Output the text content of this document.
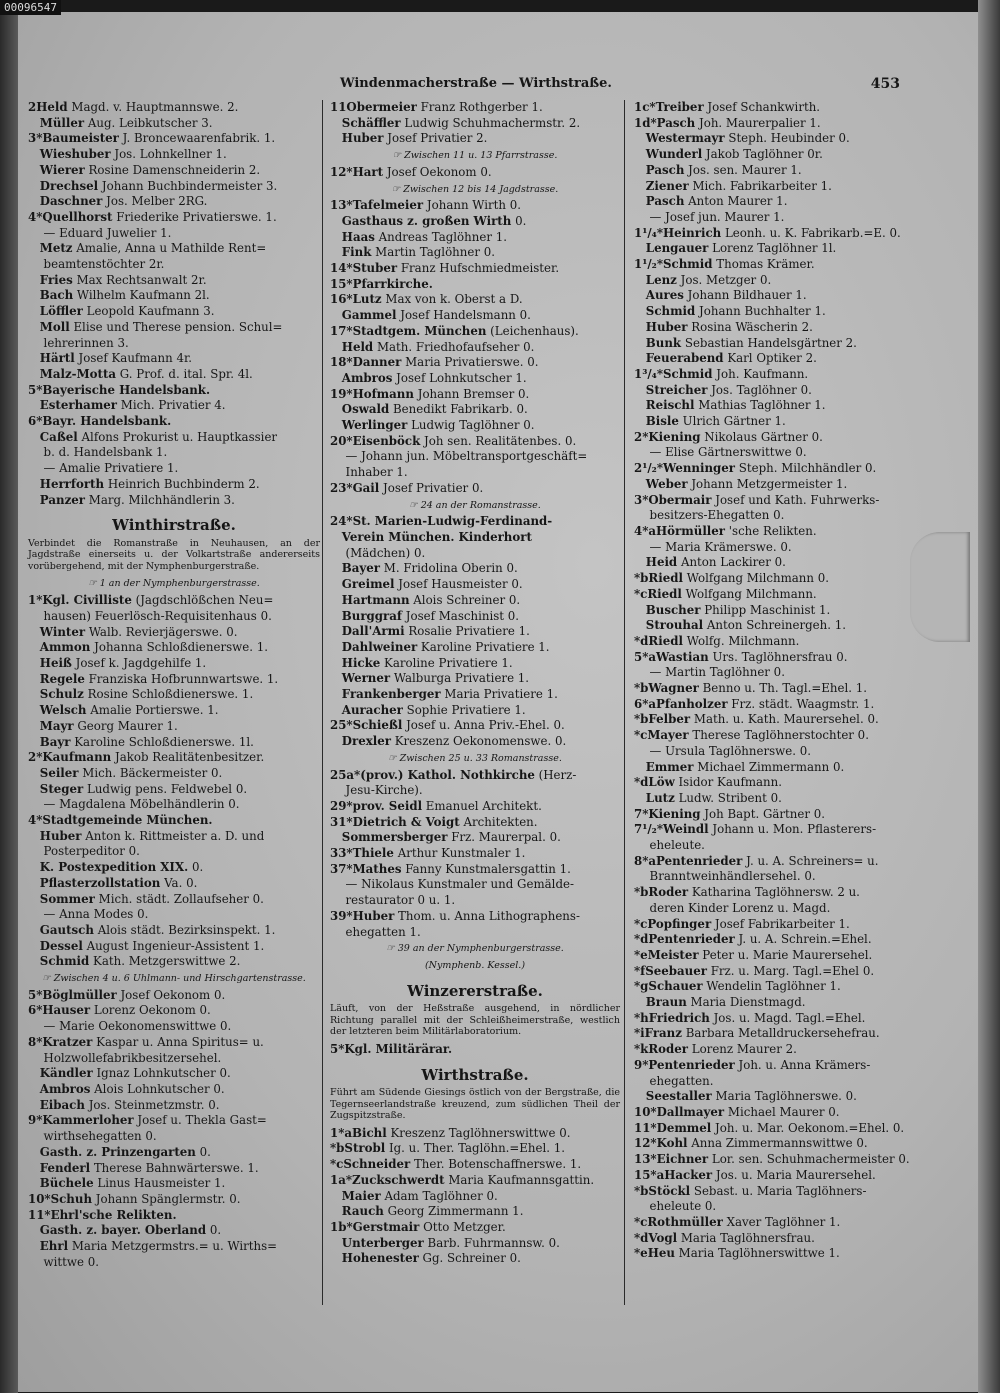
00096547
Windenmacherstraße — Wirthstraße.	453
2Held Magd. v. Hauptmannswe. 2.
 Müller Aug. Leibkutscher 3.
3*Baumeister J. Broncewaarenfabrik. 1.
 Wieshuber Jos. Lohnkellner 1.
 Wierer Rosine Damenschneiderin 2.
 Drechsel Johann Buchbindermeister 3.
 Daschner Jos. Melber 2RG.
4*Quellhorst Friederike Privatierswe. 1.
  — Eduard Juwelier 1.
 Metz Amalie, Anna u Mathilde Rent=
  beamtenstöchter 2r.
 Fries Max Rechtsanwalt 2r.
 Bach Wilhelm Kaufmann 2l.
 Löffler Leopold Kaufmann 3.
 Moll Elise und Therese pension. Schul=
  lehrerinnen 3.
 Härtl Josef Kaufmann 4r.
 Malz-Motta G. Prof. d. ital. Spr. 4l.
5*Bayerische Handelsbank.
 Esterhamer Mich. Privatier 4.
6*Bayr. Handelsbank.
 Caßel Alfons Prokurist u. Hauptkassier
  b. d. Handelsbank 1.
  — Amalie Privatiere 1.
 Herrforth Heinrich Buchbinderm 2.
 Panzer Marg. Milchhändlerin 3.
Winthirstraße.
Verbindet die Romanstraße in Neuhausen, an der Jagdstraße einerseits u. der Volkartstraße andererseits vorübergehend, mit der Nymphenburgerstraße.
☞ 1 an der Nymphenburgerstrasse.
1*Kgl. Civilliste (Jagdschlößchen Neu=
  hausen) Feuerlösch-Requisitenhaus 0.
 Winter Walb. Revierjägerswe. 0.
 Ammon Johanna Schloßdienerswe. 1.
 Heiß Josef k. Jagdgehilfe 1.
 Regele Franziska Hofbrunnwartswe. 1.
 Schulz Rosine Schloßdienerswe. 1.
 Welsch Amalie Portierswe. 1.
 Mayr Georg Maurer 1.
 Bayr Karoline Schloßdienerswe. 1l.
2*Kaufmann Jakob Realitätenbesitzer.
 Seiler Mich. Bäckermeister 0.
 Steger Ludwig pens. Feldwebel 0.
  — Magdalena Möbelhändlerin 0.
4*Stadtgemeinde München.
 Huber Anton k. Rittmeister a. D. und
  Posterpeditor 0.
 K. Postexpedition XIX. 0.
 Pflasterzollstation Va. 0.
 Sommer Mich. städt. Zollaufseher 0.
  — Anna Modes 0.
 Gautsch Alois städt. Bezirksinspekt. 1.
 Dessel August Ingenieur-Assistent 1.
 Schmid Kath. Metzgerswittwe 2.
☞ Zwischen 4 u. 6 Uhlmann- und Hirschgartenstrasse.
5*Böglmüller Josef Oekonom 0.
6*Hauser Lorenz Oekonom 0.
  — Marie Oekonomenswittwe 0.
8*Kratzer Kaspar u. Anna Spiritus= u.
  Holzwollefabrikbesitzersehel.
 Kändler Ignaz Lohnkutscher 0.
 Ambros Alois Lohnkutscher 0.
 Eibach Jos. Steinmetzmstr. 0.
9*Kammerloher Josef u. Thekla Gast=
  wirthsehegatten 0.
 Gasth. z. Prinzengarten 0.
 Fenderl Therese Bahnwärterswe. 1.
 Büchele Linus Hausmeister 1.
10*Schuh Johann Spänglermstr. 0.
11*Ehrl'sche Relikten.
 Gasth. z. bayer. Oberland 0.
 Ehrl Maria Metzgermstrs.= u. Wirths=
  wittwe 0.
11Obermeier Franz Rothgerber 1.
 Schäffler Ludwig Schuhmachermstr. 2.
 Huber Josef Privatier 2.
☞ Zwischen 11 u. 13 Pfarrstrasse.
12*Hart Josef Oekonom 0.
☞ Zwischen 12 bis 14 Jagdstrasse.
13*Tafelmeier Johann Wirth 0.
 Gasthaus z. großen Wirth 0.
 Haas Andreas Taglöhner 1.
 Fink Martin Taglöhner 0.
14*Stuber Franz Hufschmiedmeister.
15*Pfarrkirche.
16*Lutz Max von k. Oberst a D.
 Gammel Josef Handelsmann 0.
17*Stadtgem. München (Leichenhaus).
 Held Math. Friedhofaufseher 0.
18*Danner Maria Privatierswe. 0.
 Ambros Josef Lohnkutscher 1.
19*Hofmann Johann Bremser 0.
 Oswald Benedikt Fabrikarb. 0.
 Werlinger Ludwig Taglöhner 0.
20*Eisenböck Joh sen. Realitätenbes. 0.
  — Johann jun. Möbeltransportgeschäft=
  Inhaber 1.
23*Gail Josef Privatier 0.
☞ 24 an der Romanstrasse.
24*St. Marien-Ludwig-Ferdinand-
 Verein München. Kinderhort
  (Mädchen) 0.
 Bayer M. Fridolina Oberin 0.
 Greimel Josef Hausmeister 0.
 Hartmann Alois Schreiner 0.
 Burggraf Josef Maschinist 0.
 Dall'Armi Rosalie Privatiere 1.
 Dahlweiner Karoline Privatiere 1.
 Hicke Karoline Privatiere 1.
 Werner Walburga Privatiere 1.
 Frankenberger Maria Privatiere 1.
 Auracher Sophie Privatiere 1.
25*Schießl Josef u. Anna Priv.-Ehel. 0.
 Drexler Kreszenz Oekonomenswe. 0.
☞ Zwischen 25 u. 33 Romanstrasse.
25a*(prov.) Kathol. Nothkirche (Herz-
  Jesu-Kirche).
29*prov. Seidl Emanuel Architekt.
31*Dietrich & Voigt Architekten.
 Sommersberger Frz. Maurerpal. 0.
33*Thiele Arthur Kunstmaler 1.
37*Mathes Fanny Kunstmalersgattin 1.
  — Nikolaus Kunstmaler und Gemälde-
  restaurator 0 u. 1.
39*Huber Thom. u. Anna Lithographens-
  ehegatten 1.
☞ 39 an der Nymphenburgerstrasse.
(Nymphenb. Kessel.)
Winzererstraße.
Läuft, von der Heßstraße ausgehend, in nördlicher Richtung parallel mit der Schleißheimerstraße, westlich der letzteren beim Militärlaboratorium.
5*Kgl. Militärärar.
Wirthstraße.
Führt am Südende Giesings östlich von der Bergstraße, die Tegernseerlandstraße kreuzend, zum südlichen Theil der Zugspitzstraße.
1*aBichl Kreszenz Taglöhnerswittwe 0.
*bStrobl Ig. u. Ther. Taglöhn.=Ehel. 1.
*cSchneider Ther. Botenschaffnerswe. 1.
1a*Zuckschwerdt Maria Kaufmannsgattin.
 Maier Adam Taglöhner 0.
 Rauch Georg Zimmermann 1.
1b*Gerstmair Otto Metzger.
 Unterberger Barb. Fuhrmannsw. 0.
 Hohenester Gg. Schreiner 0.
1c*Treiber Josef Schankwirth.
1d*Pasch Joh. Maurerpalier 1.
 Westermayr Steph. Heubinder 0.
 Wunderl Jakob Taglöhner 0r.
 Pasch Jos. sen. Maurer 1.
 Ziener Mich. Fabrikarbeiter 1.
 Pasch Anton Maurer 1.
  — Josef jun. Maurer 1.
1¹/₄*Heinrich Leonh. u. K. Fabrikarb.=E. 0.
 Lengauer Lorenz Taglöhner 1l.
1¹/₂*Schmid Thomas Krämer.
 Lenz Jos. Metzger 0.
 Aures Johann Bildhauer 1.
 Schmid Johann Buchhalter 1.
 Huber Rosina Wäscherin 2.
 Bunk Sebastian Handelsgärtner 2.
 Feuerabend Karl Optiker 2.
1³/₄*Schmid Joh. Kaufmann.
 Streicher Jos. Taglöhner 0.
 Reischl Mathias Taglöhner 1.
 Bisle Ulrich Gärtner 1.
2*Kiening Nikolaus Gärtner 0.
  — Elise Gärtnerswittwe 0.
2¹/₂*Wenninger Steph. Milchhändler 0.
 Weber Johann Metzgermeister 1.
3*Obermair Josef und Kath. Fuhrwerks-
  besitzers-Ehegatten 0.
4*aHörmüller 'sche Relikten.
  — Maria Krämerswe. 0.
 Heid Anton Lackirer 0.
*bRiedl Wolfgang Milchmann 0.
*cRiedl Wolfgang Milchmann.
 Buscher Philipp Maschinist 1.
 Strouhal Anton Schreinergeh. 1.
*dRiedl Wolfg. Milchmann.
5*aWastian Urs. Taglöhnersfrau 0.
  — Martin Taglöhner 0.
*bWagner Benno u. Th. Tagl.=Ehel. 1.
6*aPfanholzer Frz. städt. Waagmstr. 1.
*bFelber Math. u. Kath. Maurersehel. 0.
*cMayer Therese Taglöhnerstochter 0.
  — Ursula Taglöhnerswe. 0.
 Emmer Michael Zimmermann 0.
*dLöw Isidor Kaufmann.
 Lutz Ludw. Stribent 0.
7*Kiening Joh Bapt. Gärtner 0.
7¹/₂*Weindl Johann u. Mon. Pflasterers-
  eheleute.
8*aPentenrieder J. u. A. Schreiners= u.
  Branntweinhändlersehel. 0.
*bRoder Katharina Taglöhnersw. 2 u.
  deren Kinder Lorenz u. Magd.
*cPopfinger Josef Fabrikarbeiter 1.
*dPentenrieder J. u. A. Schrein.=Ehel.
*eMeister Peter u. Marie Maurersehel.
*fSeebauer Frz. u. Marg. Tagl.=Ehel 0.
*gSchauer Wendelin Taglöhner 1.
 Braun Maria Dienstmagd.
*hFriedrich Jos. u. Magd. Tagl.=Ehel.
*iFranz Barbara Metalldruckersehefrau.
*kRoder Lorenz Maurer 2.
9*Pentenrieder Joh. u. Anna Krämers-
  ehegatten.
 Seestaller Maria Taglöhnerswe. 0.
10*Dallmayer Michael Maurer 0.
11*Demmel Joh. u. Mar. Oekonom.=Ehel. 0.
12*Kohl Anna Zimmermannswittwe 0.
13*Eichner Lor. sen. Schuhmachermeister 0.
15*aHacker Jos. u. Maria Maurersehel.
*bStöckl Sebast. u. Maria Taglöhners-
  eheleute 0.
*cRothmüller Xaver Taglöhner 1.
*dVogl Maria Taglöhnersfrau.
*eHeu Maria Taglöhnerswittwe 1.
